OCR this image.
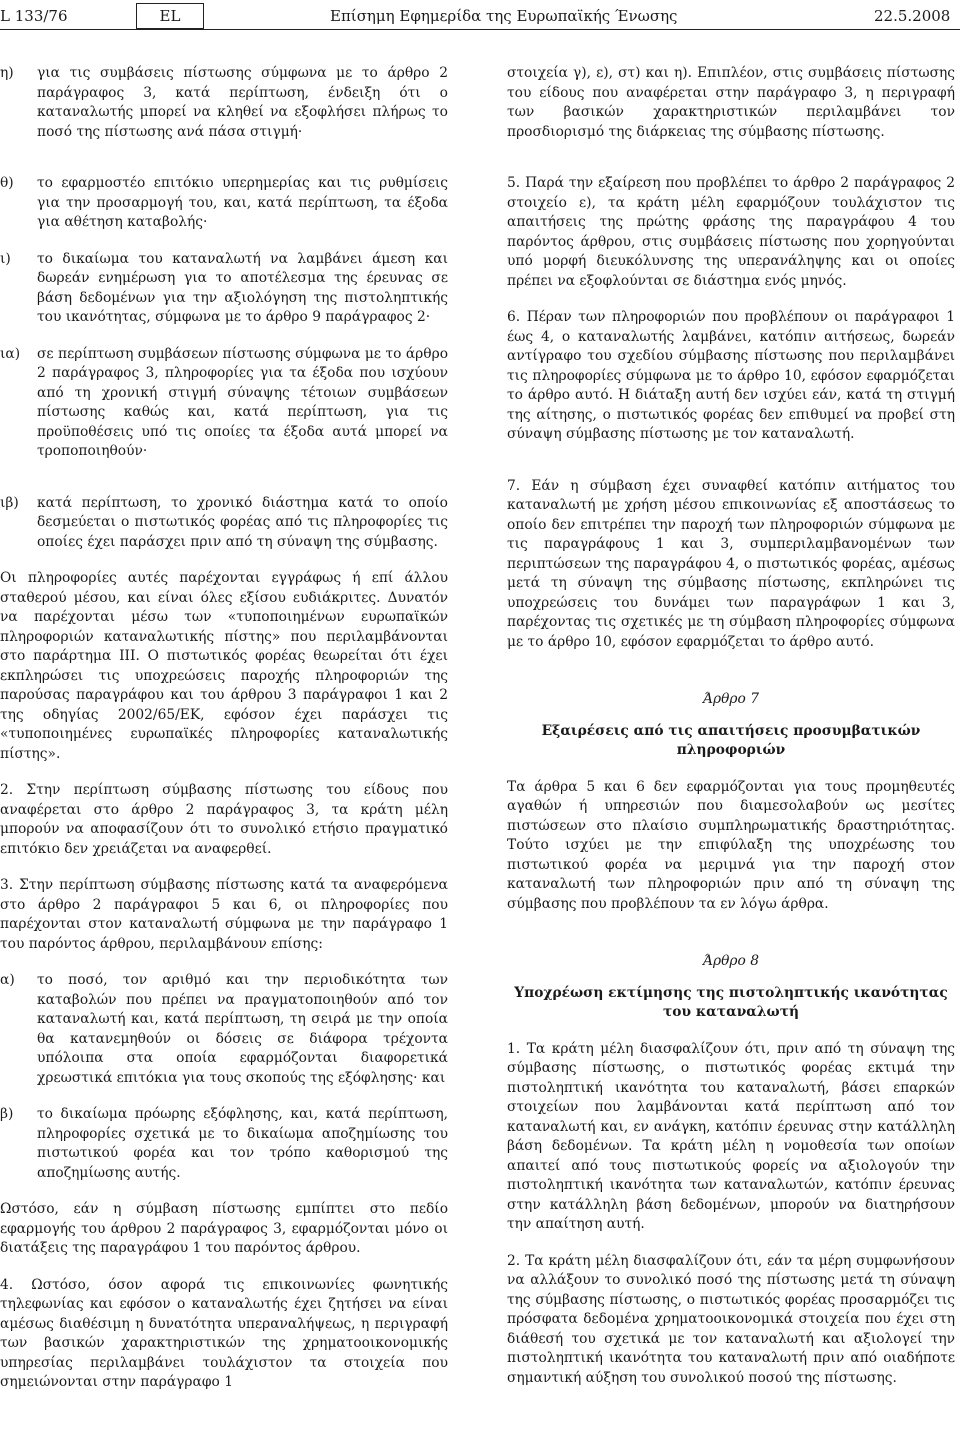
L 133/76	EL	Επίσημη Εφημερίδα της Ευρωπαϊκής Ένωσης	22.5.2008
η)	για τις συμβάσεις πίστωσης σύμφωνα με το άρθρο 2 παράγραφος 3, κατά περίπτωση, ένδειξη ότι ο καταναλωτής μπορεί να κληθεί να εξοφλήσει πλήρως το ποσό της πίστωσης ανά πάσα στιγμή·
θ)	το εφαρμοστέο επιτόκιο υπερημερίας και τις ρυθμίσεις για την προσαρμογή του, και, κατά περίπτωση, τα έξοδα για αθέτηση καταβολής·
ι)	το δικαίωμα του καταναλωτή να λαμβάνει άμεση και δωρεάν ενημέρωση για το αποτέλεσμα της έρευνας σε βάση δεδομένων για την αξιολόγηση της πιστοληπτικής του ικανότητας, σύμφωνα με το άρθρο 9 παράγραφος 2·
ια)	σε περίπτωση συμβάσεων πίστωσης σύμφωνα με το άρθρο 2 παράγραφος 3, πληροφορίες για τα έξοδα που ισχύουν από τη χρονική στιγμή σύναψης τέτοιων συμβάσεων πίστωσης καθώς και, κατά περίπτωση, για τις προϋποθέσεις υπό τις οποίες τα έξοδα αυτά μπορεί να τροποποιηθούν·
ιβ)	κατά περίπτωση, το χρονικό διάστημα κατά το οποίο δεσμεύεται ο πιστωτικός φορέας από τις πληροφορίες τις οποίες έχει παράσχει πριν από τη σύναψη της σύμβασης.

Οι πληροφορίες αυτές παρέχονται εγγράφως ή επί άλλου σταθερού μέσου, και είναι όλες εξίσου ευδιάκριτες. Δυνατόν να παρέχονται μέσω των «τυποποιημένων ευρωπαϊκών πληροφοριών καταναλωτικής πίστης» που περιλαμβάνονται στο παράρτημα ΙΙΙ. Ο πιστωτικός φορέας θεωρείται ότι έχει εκπληρώσει τις υποχρεώσεις παροχής πληροφοριών της παρούσας παραγράφου και του άρθρου 3 παράγραφοι 1 και 2 της οδηγίας 2002/65/ΕΚ, εφόσον έχει παράσχει τις «τυποποιημένες ευρωπαϊκές πληροφορίες καταναλωτικής πίστης».

2. Στην περίπτωση σύμβασης πίστωσης του είδους που αναφέρεται στο άρθρο 2 παράγραφος 3, τα κράτη μέλη μπορούν να αποφασίζουν ότι το συνολικό ετήσιο πραγματικό επιτόκιο δεν χρειάζεται να αναφερθεί.

3. Στην περίπτωση σύμβασης πίστωσης κατά τα αναφερόμενα στο άρθρο 2 παράγραφοι 5 και 6, οι πληροφορίες που παρέχονται στον καταναλωτή σύμφωνα με την παράγραφο 1 του παρόντος άρθρου, περιλαμβάνουν επίσης:

α)	το ποσό, τον αριθμό και την περιοδικότητα των καταβολών που πρέπει να πραγματοποιηθούν από τον καταναλωτή και, κατά περίπτωση, τη σειρά με την οποία θα κατανεμηθούν οι δόσεις σε διάφορα τρέχοντα υπόλοιπα στα οποία εφαρμόζονται διαφορετικά χρεωστικά επιτόκια για τους σκοπούς της εξόφλησης· και
β)	το δικαίωμα πρόωρης εξόφλησης, και, κατά περίπτωση, πληροφορίες σχετικά με το δικαίωμα αποζημίωσης του πιστωτικού φορέα και τον τρόπο καθορισμού της αποζημίωσης αυτής.

Ωστόσο, εάν η σύμβαση πίστωσης εμπίπτει στο πεδίο εφαρμογής του άρθρου 2 παράγραφος 3, εφαρμόζονται μόνο οι διατάξεις της παραγράφου 1 του παρόντος άρθρου.

4. Ωστόσο, όσον αφορά τις επικοινωνίες φωνητικής τηλεφωνίας και εφόσον ο καταναλωτής έχει ζητήσει να είναι αμέσως διαθέσιμη η δυνατότητα υπεραναλήψεως, η περιγραφή των βασικών χαρακτηριστικών της χρηματοοικονομικής υπηρεσίας περιλαμβάνει τουλάχιστον τα στοιχεία που σημειώνονται στην παράγραφο 1

στοιχεία γ), ε), στ) και η). Επιπλέον, στις συμβάσεις πίστωσης του είδους που αναφέρεται στην παράγραφο 3, η περιγραφή των βασικών χαρακτηριστικών περιλαμβάνει τον προσδιορισμό της διάρκειας της σύμβασης πίστωσης.

5. Παρά την εξαίρεση που προβλέπει το άρθρο 2 παράγραφος 2 στοιχείο ε), τα κράτη μέλη εφαρμόζουν τουλάχιστον τις απαιτήσεις της πρώτης φράσης της παραγράφου 4 του παρόντος άρθρου, στις συμβάσεις πίστωσης που χορηγούνται υπό μορφή διευκόλυνσης της υπερανάληψης και οι οποίες πρέπει να εξοφλούνται σε διάστημα ενός μηνός.

6. Πέραν των πληροφοριών που προβλέπουν οι παράγραφοι 1 έως 4, ο καταναλωτής λαμβάνει, κατόπιν αιτήσεως, δωρεάν αντίγραφο του σχεδίου σύμβασης πίστωσης που περιλαμβάνει τις πληροφορίες σύμφωνα με το άρθρο 10, εφόσον εφαρμόζεται το άρθρο αυτό. Η διάταξη αυτή δεν ισχύει εάν, κατά τη στιγμή της αίτησης, ο πιστωτικός φορέας δεν επιθυμεί να προβεί στη σύναψη σύμβασης πίστωσης με τον καταναλωτή.

7. Εάν η σύμβαση έχει συναφθεί κατόπιν αιτήματος του καταναλωτή με χρήση μέσου επικοινωνίας εξ αποστάσεως το οποίο δεν επιτρέπει την παροχή των πληροφοριών σύμφωνα με τις παραγράφους 1 και 3, συμπεριλαμβανομένων των περιπτώσεων της παραγράφου 4, ο πιστωτικός φορέας, αμέσως μετά τη σύναψη της σύμβασης πίστωσης, εκπληρώνει τις υποχρεώσεις του δυνάμει των παραγράφων 1 και 3, παρέχοντας τις σχετικές με τη σύμβαση πληροφορίες σύμφωνα με το άρθρο 10, εφόσον εφαρμόζεται το άρθρο αυτό.

Άρθρο 7

Εξαιρέσεις από τις απαιτήσεις προσυμβατικών πληροφοριών

Τα άρθρα 5 και 6 δεν εφαρμόζονται για τους προμηθευτές αγαθών ή υπηρεσιών που διαμεσολαβούν ως μεσίτες πιστώσεων στο πλαίσιο συμπληρωματικής δραστηριότητας. Τούτο ισχύει με την επιφύλαξη της υποχρέωσης του πιστωτικού φορέα να μεριμνά για την παροχή στον καταναλωτή των πληροφοριών πριν από τη σύναψη της σύμβασης που προβλέπουν τα εν λόγω άρθρα.

Άρθρο 8

Υποχρέωση εκτίμησης της πιστοληπτικής ικανότητας του καταναλωτή

1. Τα κράτη μέλη διασφαλίζουν ότι, πριν από τη σύναψη της σύμβασης πίστωσης, ο πιστωτικός φορέας εκτιμά την πιστοληπτική ικανότητα του καταναλωτή, βάσει επαρκών στοιχείων που λαμβάνονται κατά περίπτωση από τον καταναλωτή και, εν ανάγκη, κατόπιν έρευνας στην κατάλληλη βάση δεδομένων. Τα κράτη μέλη η νομοθεσία των οποίων απαιτεί από τους πιστωτικούς φορείς να αξιολογούν την πιστοληπτική ικανότητα των καταναλωτών, κατόπιν έρευνας στην κατάλληλη βάση δεδομένων, μπορούν να διατηρήσουν την απαίτηση αυτή.

2. Τα κράτη μέλη διασφαλίζουν ότι, εάν τα μέρη συμφωνήσουν να αλλάξουν το συνολικό ποσό της πίστωσης μετά τη σύναψη της σύμβασης πίστωσης, ο πιστωτικός φορέας προσαρμόζει τις πρόσφατα δεδομένα χρηματοοικονομικά στοιχεία που έχει στη διάθεσή του σχετικά με τον καταναλωτή και αξιολογεί την πιστοληπτική ικανότητα του καταναλωτή πριν από οιαδήποτε σημαντική αύξηση του συνολικού ποσού της πίστωσης.
